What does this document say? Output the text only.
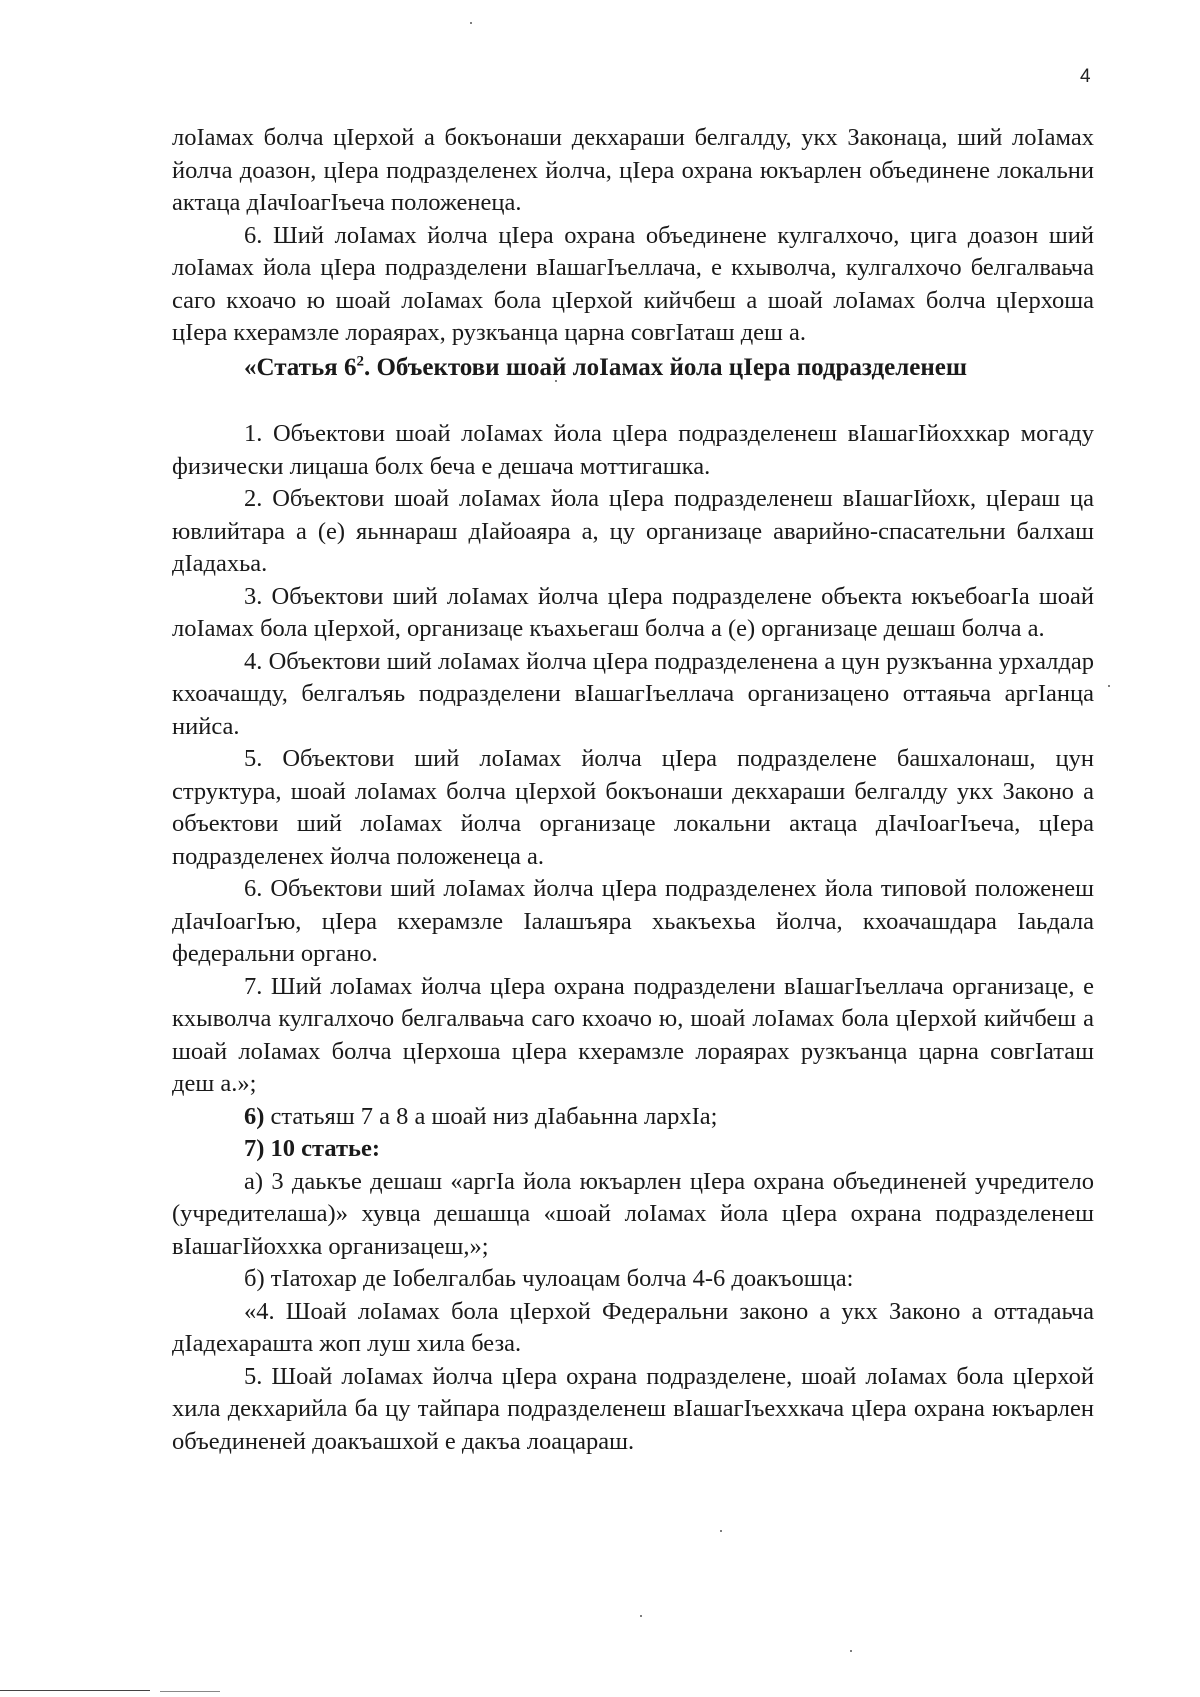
4

лоIамах болча цIерхой а бокъонаши декхараши белгалду, укх Законаца, ший лоIамах йолча доазон, цIера подразделенех йолча, цIера охрана юкъарлен объединенe локальни актаца дIачIоагIъеча положенеца.

6. Ший лоIамах йолча цIера охрана объединене кулгалхочо, цига доазон ший лоIамах йола цIера подразделени вIашагIъеллача, е кхыволча, кулгалхочо белгалваьча саго кхоачо ю шоай лоIамах бола цIерхой кийчбеш а шоай лоIамах болча цIерхоша цIера кхерамзле лораярах, рузкъанца царна совгIаташ деш а.

«Статья $6^2$. Объектови шоай лоIамах йола цIера подразделенеш

1. Объектови шоай лоIамах йола цIера подразделенеш вIашагIйоххкар могаду физически лицаша болх беча е дешача моттигашка.

2. Объектови шоай лоIамах йола цIера подразделенеш вIашагIйохк, цIераш ца ювлийтара а (е) яьннараш дIайоаяра а, цу организаце аварийно-спасательни балхаш дIадахьа.

3. Объектови ший лоIамах йолча цIера подразделене объекта юкъебоагIа шоай лоIамах бола цIерхой, организаце къахьегаш болча а (е) организаце дешаш болча а.

4. Объектови ший лоIамах йолча цIера подразделенена а цун рузкъанна урхалдар кхоачашду, белгалъяь подразделени вIашагIъеллача организацено оттаяьча аргIанца нийса.

5. Объектови ший лоIамах йолча цIера подразделене башхалонаш, цун структура, шоай лоIамах болча цIерхой бокъонаши декхараши белгалду укх Законо а объектови ший лоIамах йолча организаце локальни актаца дIачIоагIъеча, цIера подразделенех йолча положенеца а.

6. Объектови ший лоIамах йолча цIера подразделенех йола типовой положенеш дIачIоагIъю, цIера кхерамзле Iалашъяра хьакъехьа йолча, кхоачашдара Iаьдала федеральни органо.

7. Ший лоIамах йолча цIера охрана подразделени вIашагIъеллача организаце, е кхыволча кулгалхочо белгалваьча саго кхоачо ю, шоай лоIамах бола цIерхой кийчбеш а шоай лоIамах болча цIерхоша цIера кхерамзле лораярах рузкъанца царна совгIаташ деш а.»;

6) статьяш 7 а 8 а шоай низ дIабаьнна лархIа;

7) 10 статье:

а) 3 даькъе дешаш «аргIа йола юкъарлен цIера охрана объединеней учредитело (учредителаша)» хувца дешашца «шоай лоIамах йола цIера охрана подразделенеш вIашагIйоххка организацеш,»;

б) тIатохар де Iобелгалбаь чулоацам болча 4-6 доакъошца:

«4. Шоай лоIамах бола цIерхой Федеральни законо а укх Законо а оттадаьча дIадехарашта жоп луш хила беза.

5. Шоай лоIамах йолча цIера охрана подразделене, шоай лоIамах бола цIерхой хила декхарийла ба цу тайпара подразделенеш вIашагIъеххкача цIера охрана юкъарлен объединеней доакъашхой е дакъа лоацараш.
